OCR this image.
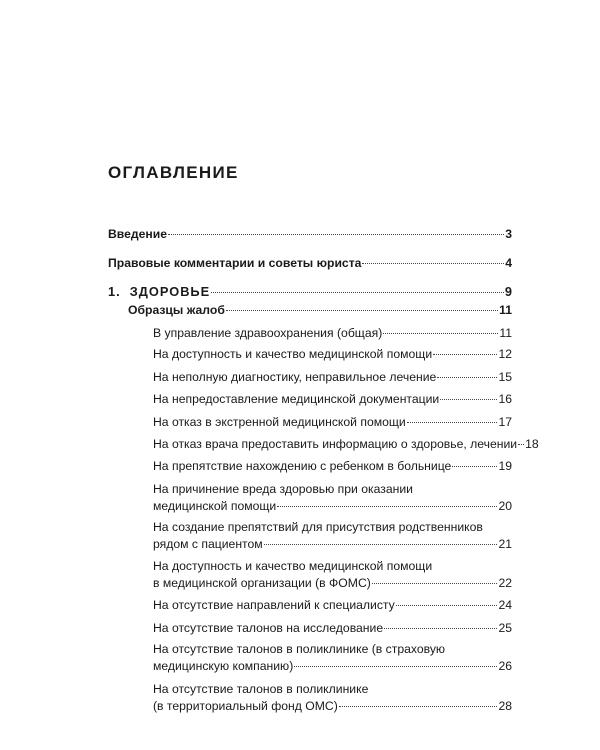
ОГЛАВЛЕНИЕ
Введение	3
Правовые комментарии и советы юриста	4
1.  ЗДОРОВЬЕ	9
Образцы жалоб	11
В управление здравоохранения (общая)	11
На доступность и качество медицинской помощи	12
На неполную диагностику, неправильное лечение	15
На непредоставление медицинской документации	16
На отказ в экстренной медицинской помощи	17
На отказ врача предоставить информацию о здоровье, лечении 18
На препятствие нахождению с ребенком в больнице	19
На причинение вреда здоровью при оказании
медицинской помощи	20
На создание препятствий для присутствия родственников
рядом с пациентом	21
На доступность и качество медицинской помощи
в медицинской организации (в ФОМС)	22
На отсутствие направлений к специалисту	24
На отсутствие талонов на исследование	25
На отсутствие талонов в поликлинике (в страховую
медицинскую компанию)	26
На отсутствие талонов в поликлинике
(в территориальный фонд ОМС)	28
